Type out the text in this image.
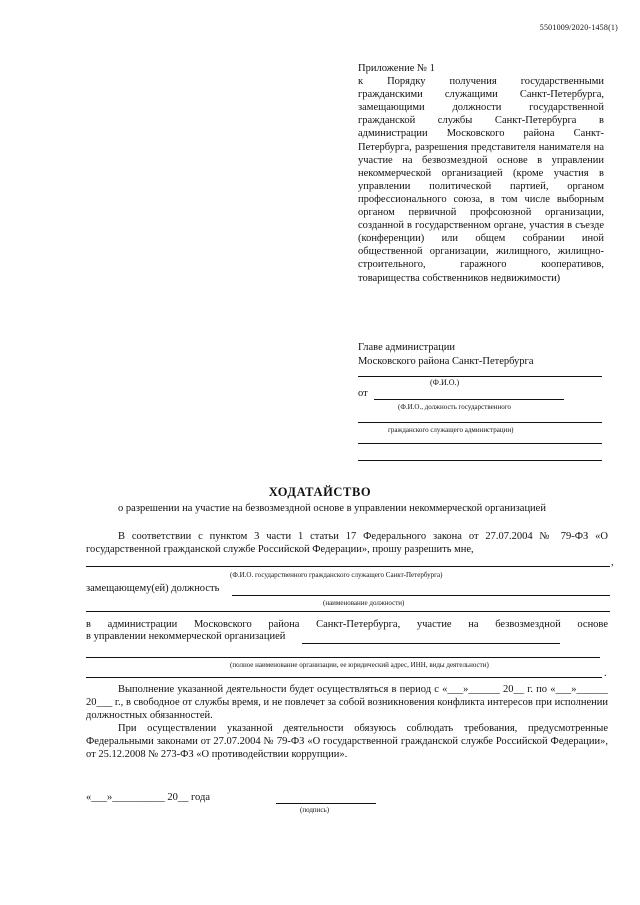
5501009/2020-1458(1)
Приложение № 1
к Порядку получения государственными гражданскими служащими Санкт-Петербурга, замещающими должности государственной гражданской службы Санкт-Петербурга в администрации Московского района Санкт-Петербурга, разрешения представителя нанимателя на участие на безвозмездной основе в управлении некоммерческой организацией (кроме участия в управлении политической партией, органом профессионального союза, в том числе выборным органом первичной профсоюзной организации, созданной в государственном органе, участия в съезде (конференции) или общем собрании иной общественной организации, жилищного, жилищно-строительного, гаражного кооперативов, товарищества собственников недвижимости)
Главе администрации
Московского района Санкт-Петербурга
(Ф.И.О.)
от
(Ф.И.О., должность государственного
гражданского служащего администрации)
ХОДАТАЙСТВО
о разрешении на участие на безвозмездной основе в управлении некоммерческой организацией
В соответствии с пунктом 3 части 1 статьи 17 Федерального закона от 27.07.2004 № 79-ФЗ «О государственной гражданской службе Российской Федерации», прошу разрешить мне,
,
(Ф.И.О. государственного гражданского служащего Санкт-Петербурга)
замещающему(ей) должность
(наименование должности)
в администрации Московского района Санкт-Петербурга, участие на безвозмездной основе
в управлении некоммерческой организацией
(полное наименование организации, ее юридический адрес, ИНН, виды деятельности)
.
Выполнение указанной деятельности будет осуществляться в период с «___»______ 20__ г. по «___»______ 20___ г., в свободное от службы время, и не повлечет за собой возникновения конфликта интересов при исполнении должностных обязанностей.
При осуществлении указанной деятельности обязуюсь соблюдать требования, предусмотренные Федеральными законами от 27.07.2004 № 79-ФЗ «О государственной гражданской службе Российской Федерации», от 25.12.2008 № 273-ФЗ «О противодействии коррупции».
«___»__________ 20__ года
(подпись)
